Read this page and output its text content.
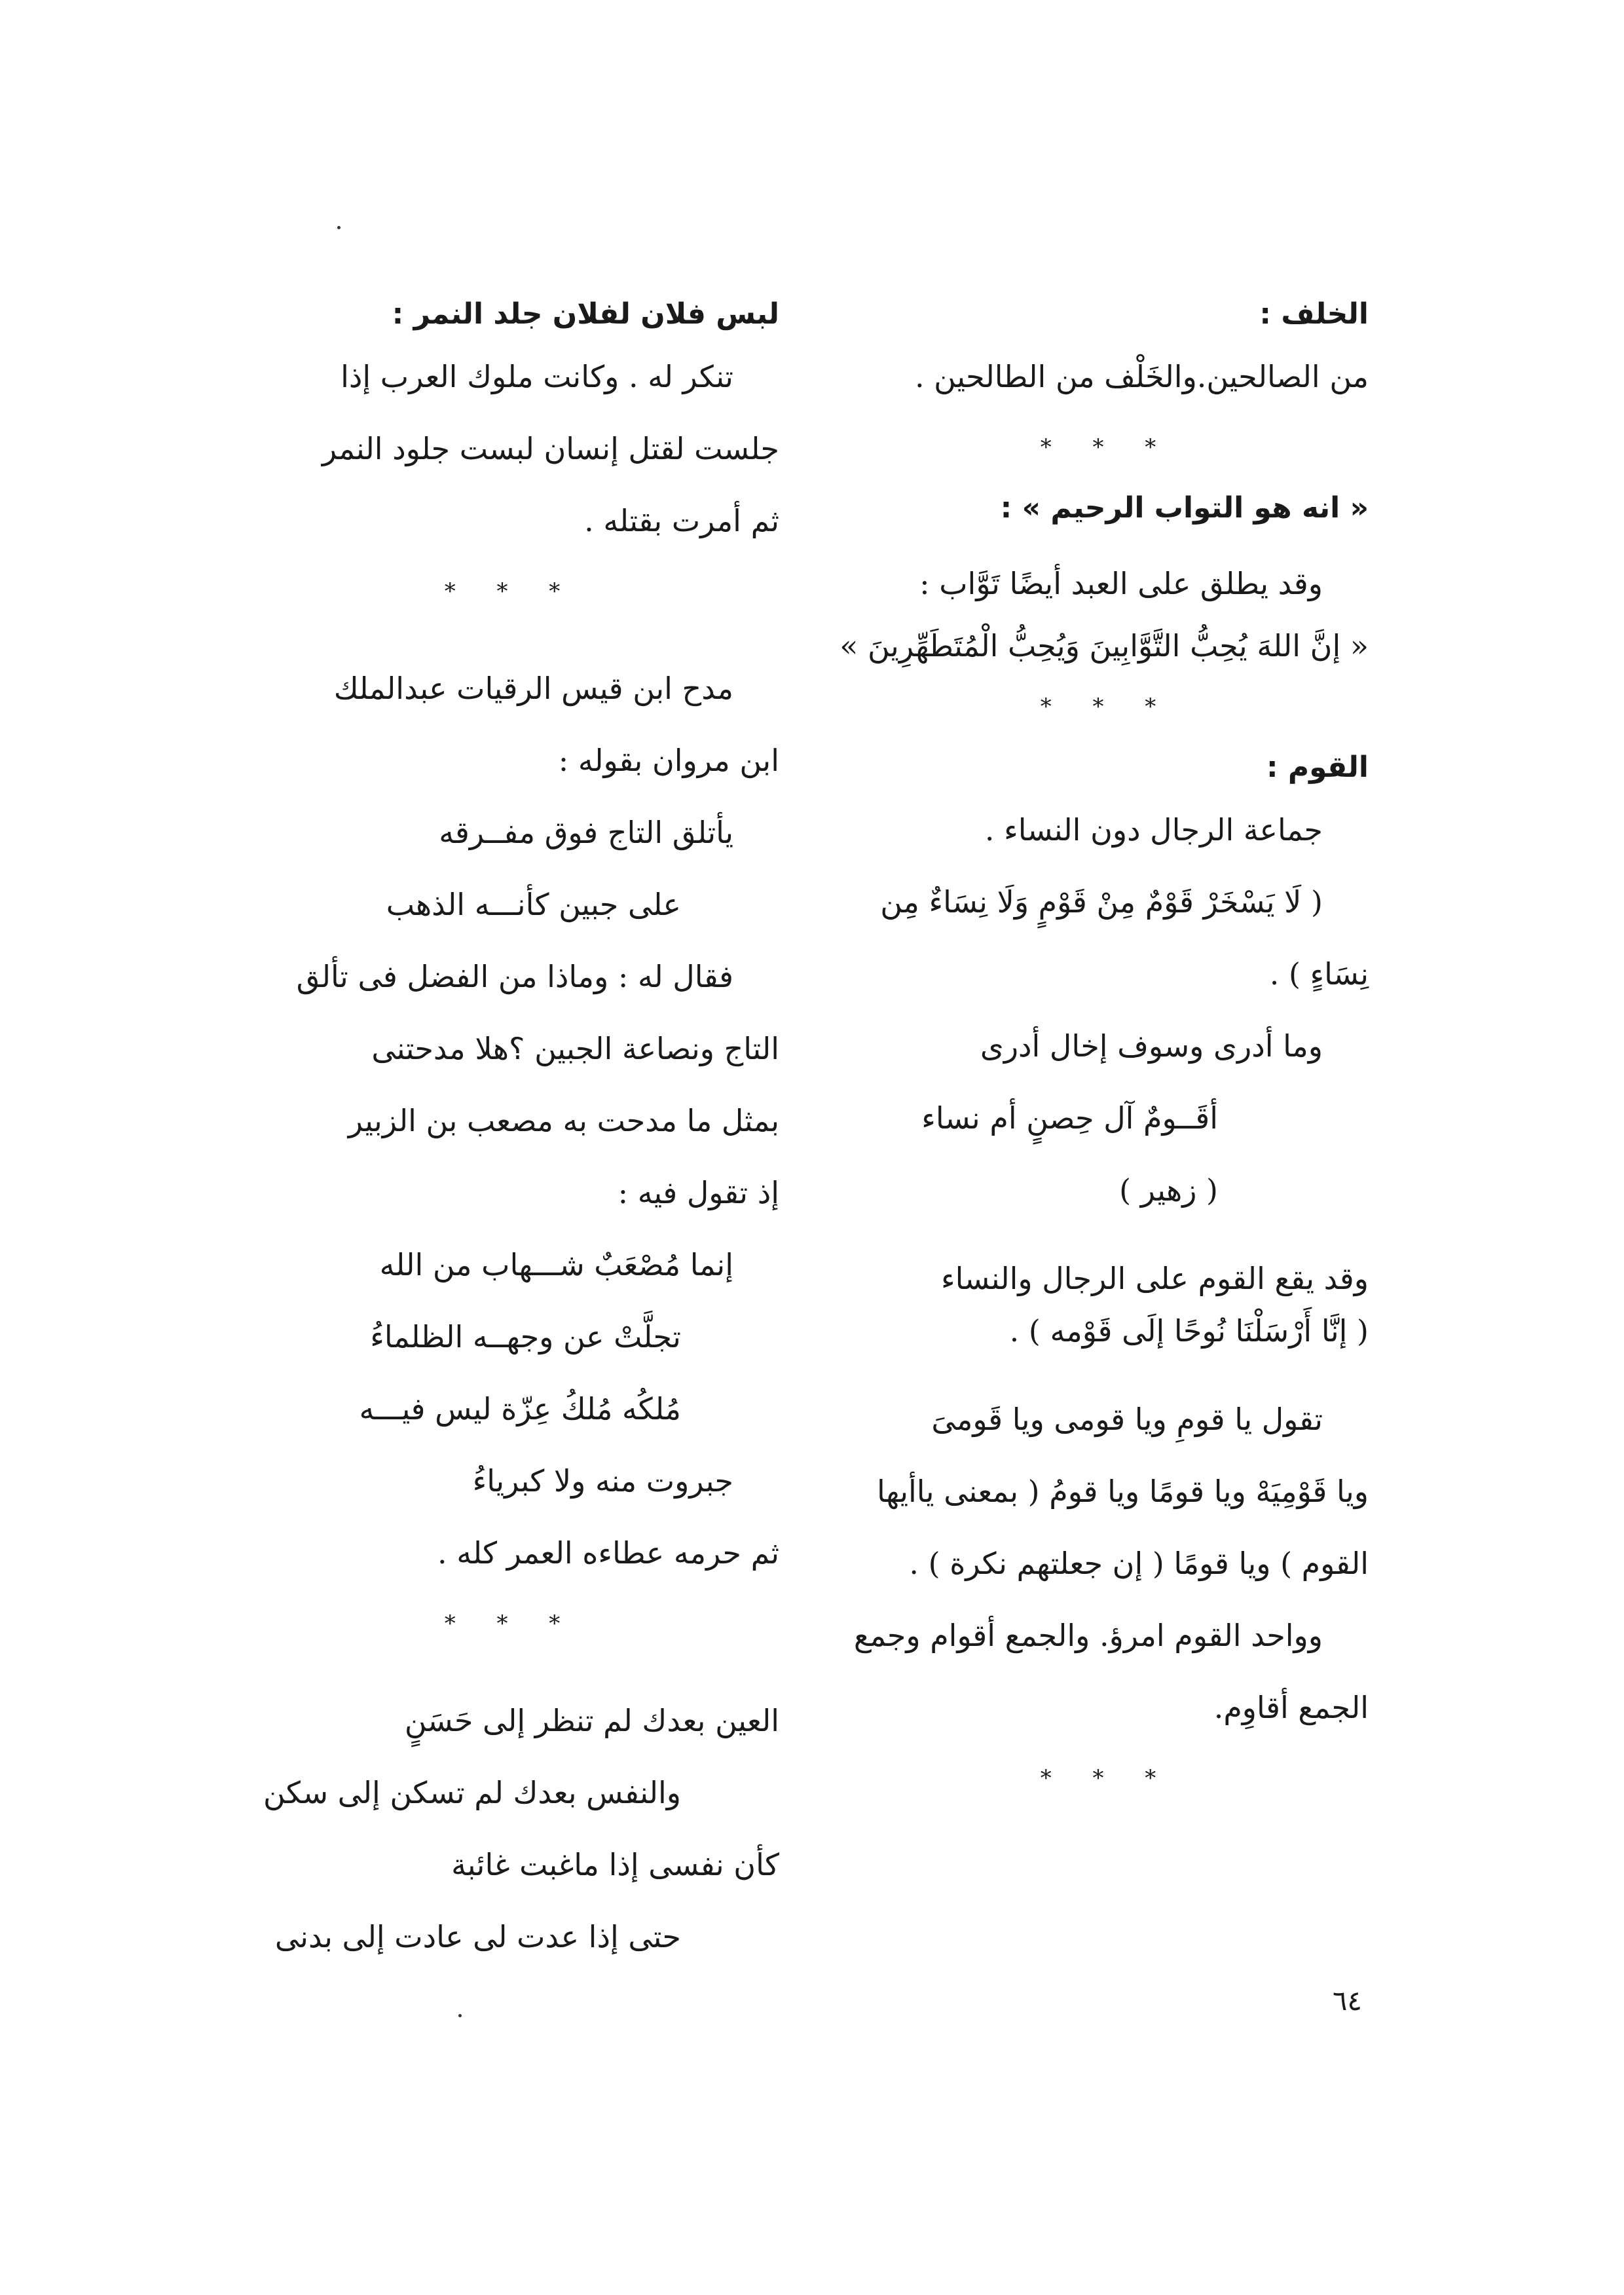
الخلف :

من الصالحين.والخَلْف من الطالحين .

* * *

« انه هو التواب الرحيم » :

وقد يطلق على العبد أيضًا تَوَّاب :

« إنَّ اللهَ يُحِبُّ التَّوَّابِينَ وَيُحِبُّ الْمُتَطَهِّرِينَ »

* * *

القوم :

جماعة الرجال دون النساء .

( لَا يَسْخَرْ قَوْمٌ مِنْ قَوْمٍ وَلَا نِسَاءٌ مِن

نِسَاءٍ ) .

وما أدرى وسوف إخال أدرى

أقَــومٌ آل حِصنٍ أم نساء

( زهير )

وقد يقع القوم على الرجال والنساء

( إنَّا أَرْسَلْنَا نُوحًا إلَى قَوْمه ) .

تقول يا قومِ ويا قومى ويا قَومىَ

ويا قَوْمِيَهْ ويا قومًا ويا قومُ ( بمعنى ياأيها

القوم ) ويا قومًا ( إن جعلتهم نكرة ) .

وواحد القوم امرؤ. والجمع أقوام وجمع

الجمع أقاوِم.

* * *

لبس فلان لفلان جلد النمر :

تنكر له . وكانت ملوك العرب إذا

جلست لقتل إنسان لبست جلود النمر

ثم أمرت بقتله .

* * *

مدح ابن قيس الرقيات عبدالملك

ابن مروان بقوله :

يأتلق التاج فوق مفــرقه

على جبين كأنـــه الذهب

فقال له : وماذا من الفضل فى تألق

التاج ونصاعة الجبين ؟هلا مدحتنى

بمثل ما مدحت به مصعب بن الزبير

إذ تقول فيه :

إنما مُصْعَبٌ شـــهاب من الله

تجلَّتْ عن وجهــه الظلماءُ

مُلكُه مُلكُ عِزّة ليس فيـــه

جبروت منه ولا كبرياءُ

ثم حرمه عطاءه العمر كله .

* * *

العين بعدك لم تنظر إلى حَسَنٍ

والنفس بعدك لم تسكن إلى سكن

كأن نفسى إذا ماغبت غائبة

حتى إذا عدت لى عادت إلى بدنى

٦٤
